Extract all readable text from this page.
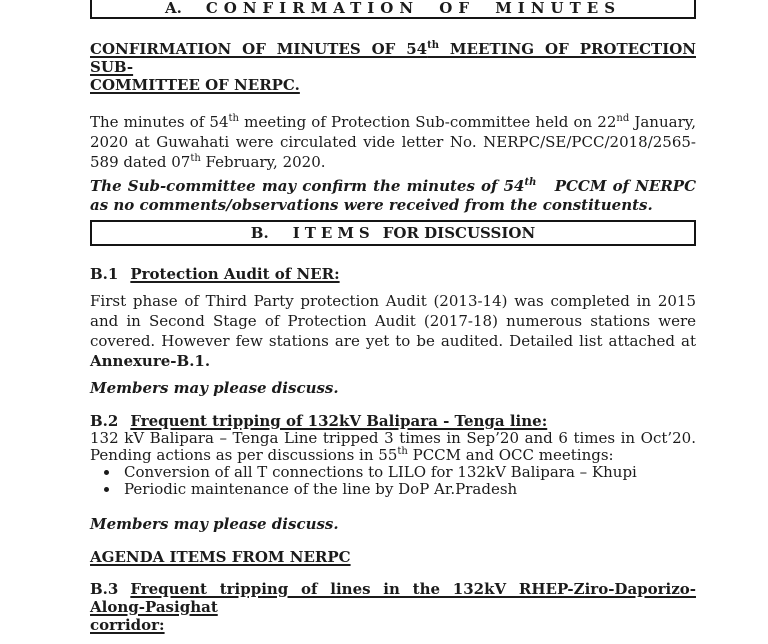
A. CONFIRMATION OF MINUTES
CONFIRMATION OF MINUTES OF 54th MEETING OF PROTECTION SUB-
COMMITTEE OF NERPC.

The minutes of 54th meeting of Protection Sub-committee held on 22nd January, 2020 at Guwahati were circulated vide letter No. NERPC/SE/PCC/2018/2565-589 dated 07th February, 2020.

The Sub-committee may confirm the minutes of 54th   PCCM of NERPC as no comments/observations were received from the constituents.

B. ITEMS FOR DISCUSSION
B.1 Protection Audit of NER:

First phase of Third Party protection Audit (2013-14) was completed in 2015 and in Second Stage of Protection Audit (2017-18) numerous stations were covered. However few stations are yet to be audited. Detailed list attached at Annexure-B.1.

Members may please discuss.

B.2 Frequent tripping of 132kV Balipara - Tenga line:

132 kV Balipara – Tenga Line tripped 3 times in Sep’20 and 6 times in Oct’20. Pending actions as per discussions in 55th PCCM and OCC meetings:

• Conversion of all T connections to LILO for 132kV Balipara – Khupi
• Periodic maintenance of the line by DoP Ar.Pradesh

Members may please discuss.

AGENDA ITEMS FROM NERPC
B.3 Frequent tripping of lines in the 132kV RHEP-Ziro-Daporizo-Along-Pasighat
corridor:
